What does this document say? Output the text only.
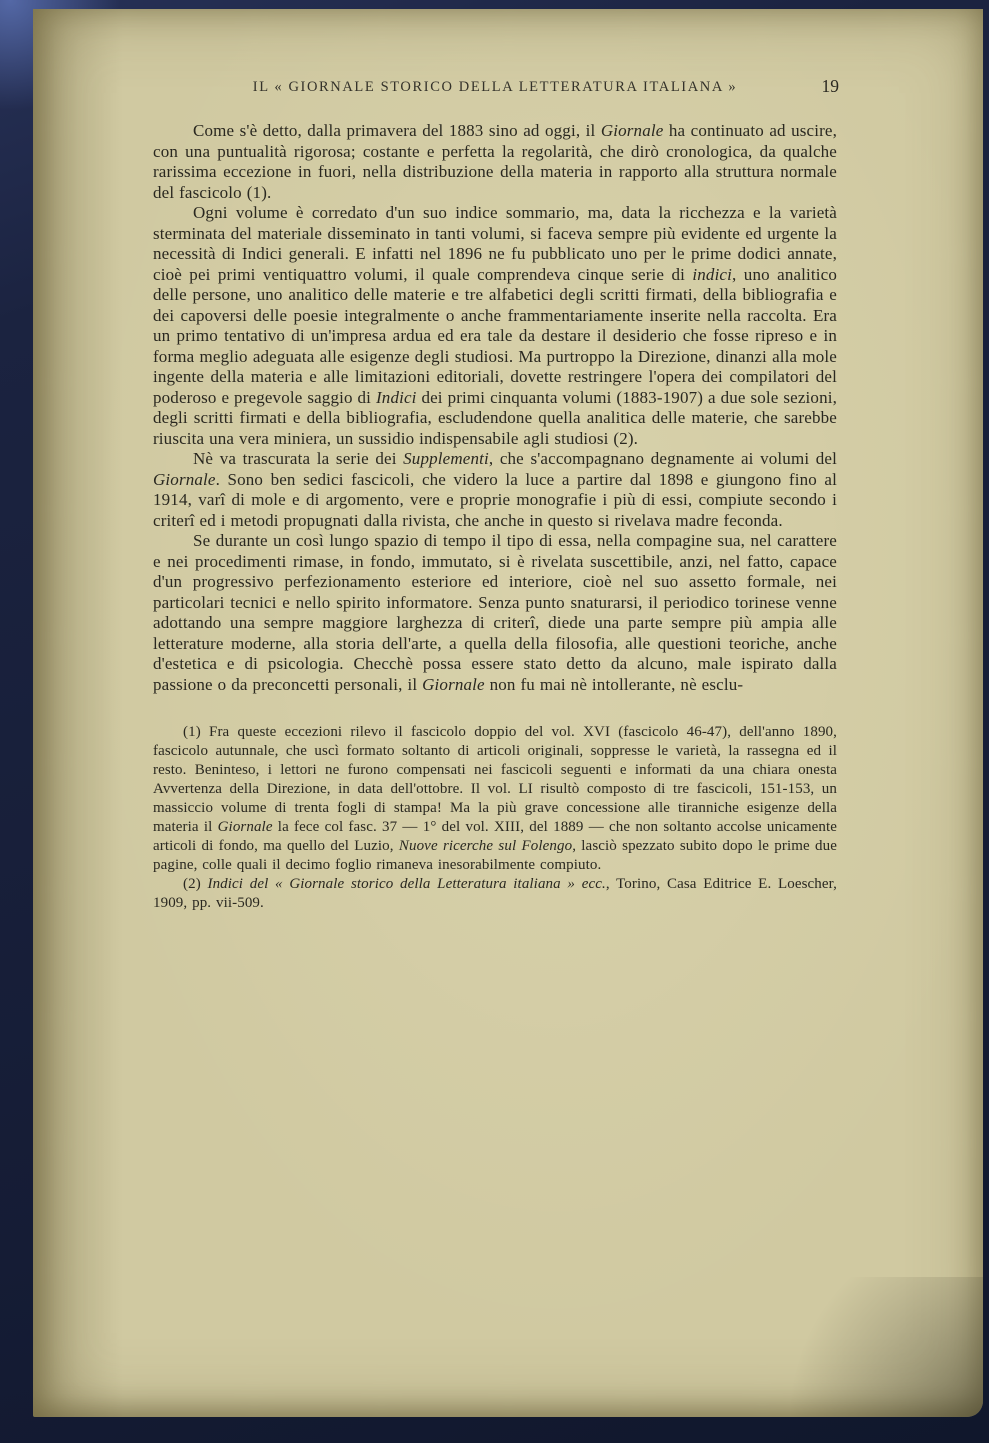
IL « GIORNALE STORICO DELLA LETTERATURA ITALIANA »	19

Come s'è detto, dalla primavera del 1883 sino ad oggi, il Giornale ha continuato ad uscire, con una puntualità rigorosa; costante e perfetta la regolarità, che dirò cronologica, da qualche rarissima eccezione in fuori, nella distribuzione della materia in rapporto alla struttura normale del fascicolo (1).

Ogni volume è corredato d'un suo indice sommario, ma, data la ricchezza e la varietà sterminata del materiale disseminato in tanti volumi, si faceva sempre più evidente ed urgente la necessità di Indici generali. E infatti nel 1896 ne fu pubblicato uno per le prime dodici annate, cioè pei primi ventiquattro volumi, il quale comprendeva cinque serie di indici, uno analitico delle persone, uno analitico delle materie e tre alfabetici degli scritti firmati, della bibliografia e dei capoversi delle poesie integralmente o anche frammentariamente inserite nella raccolta. Era un primo tentativo di un'impresa ardua ed era tale da destare il desiderio che fosse ripreso e in forma meglio adeguata alle esigenze degli studiosi. Ma purtroppo la Direzione, dinanzi alla mole ingente della materia e alle limitazioni editoriali, dovette restringere l'opera dei compilatori del poderoso e pregevole saggio di Indici dei primi cinquanta volumi (1883-1907) a due sole sezioni, degli scritti firmati e della bibliografia, escludendone quella analitica delle materie, che sarebbe riuscita una vera miniera, un sussidio indispensabile agli studiosi (2).

Nè va trascurata la serie dei Supplementi, che s'accompagnano degnamente ai volumi del Giornale. Sono ben sedici fascicoli, che videro la luce a partire dal 1898 e giungono fino al 1914, varî di mole e di argomento, vere e proprie monografie i più di essi, compiute secondo i criterî ed i metodi propugnati dalla rivista, che anche in questo si rivelava madre feconda.

Se durante un così lungo spazio di tempo il tipo di essa, nella compagine sua, nel carattere e nei procedimenti rimase, in fondo, immutato, si è rivelata suscettibile, anzi, nel fatto, capace d'un progressivo perfezionamento esteriore ed interiore, cioè nel suo assetto formale, nei particolari tecnici e nello spirito informatore. Senza punto snaturarsi, il periodico torinese venne adottando una sempre maggiore larghezza di criterî, diede una parte sempre più ampia alle letterature moderne, alla storia dell'arte, a quella della filosofia, alle questioni teoriche, anche d'estetica e di psicologia. Checchè possa essere stato detto da alcuno, male ispirato dalla passione o da preconcetti personali, il Giornale non fu mai nè intollerante, nè esclu-

(1) Fra queste eccezioni rilevo il fascicolo doppio del vol. XVI (fascicolo 46-47), dell'anno 1890, fascicolo autunnale, che uscì formato soltanto di articoli originali, soppresse le varietà, la rassegna ed il resto. Beninteso, i lettori ne furono compensati nei fascicoli seguenti e informati da una chiara onesta Avvertenza della Direzione, in data dell'ottobre. Il vol. LI risultò composto di tre fascicoli, 151-153, un massiccio volume di trenta fogli di stampa! Ma la più grave concessione alle tiranniche esigenze della materia il Giornale la fece col fasc. 37 — 1° del vol. XIII, del 1889 — che non soltanto accolse unicamente articoli di fondo, ma quello del Luzio, Nuove ricerche sul Folengo, lasciò spezzato subito dopo le prime due pagine, colle quali il decimo foglio rimaneva inesorabilmente compiuto.

(2) Indici del « Giornale storico della Letteratura italiana » ecc., Torino, Casa Editrice E. Loescher, 1909, pp. vii-509.
